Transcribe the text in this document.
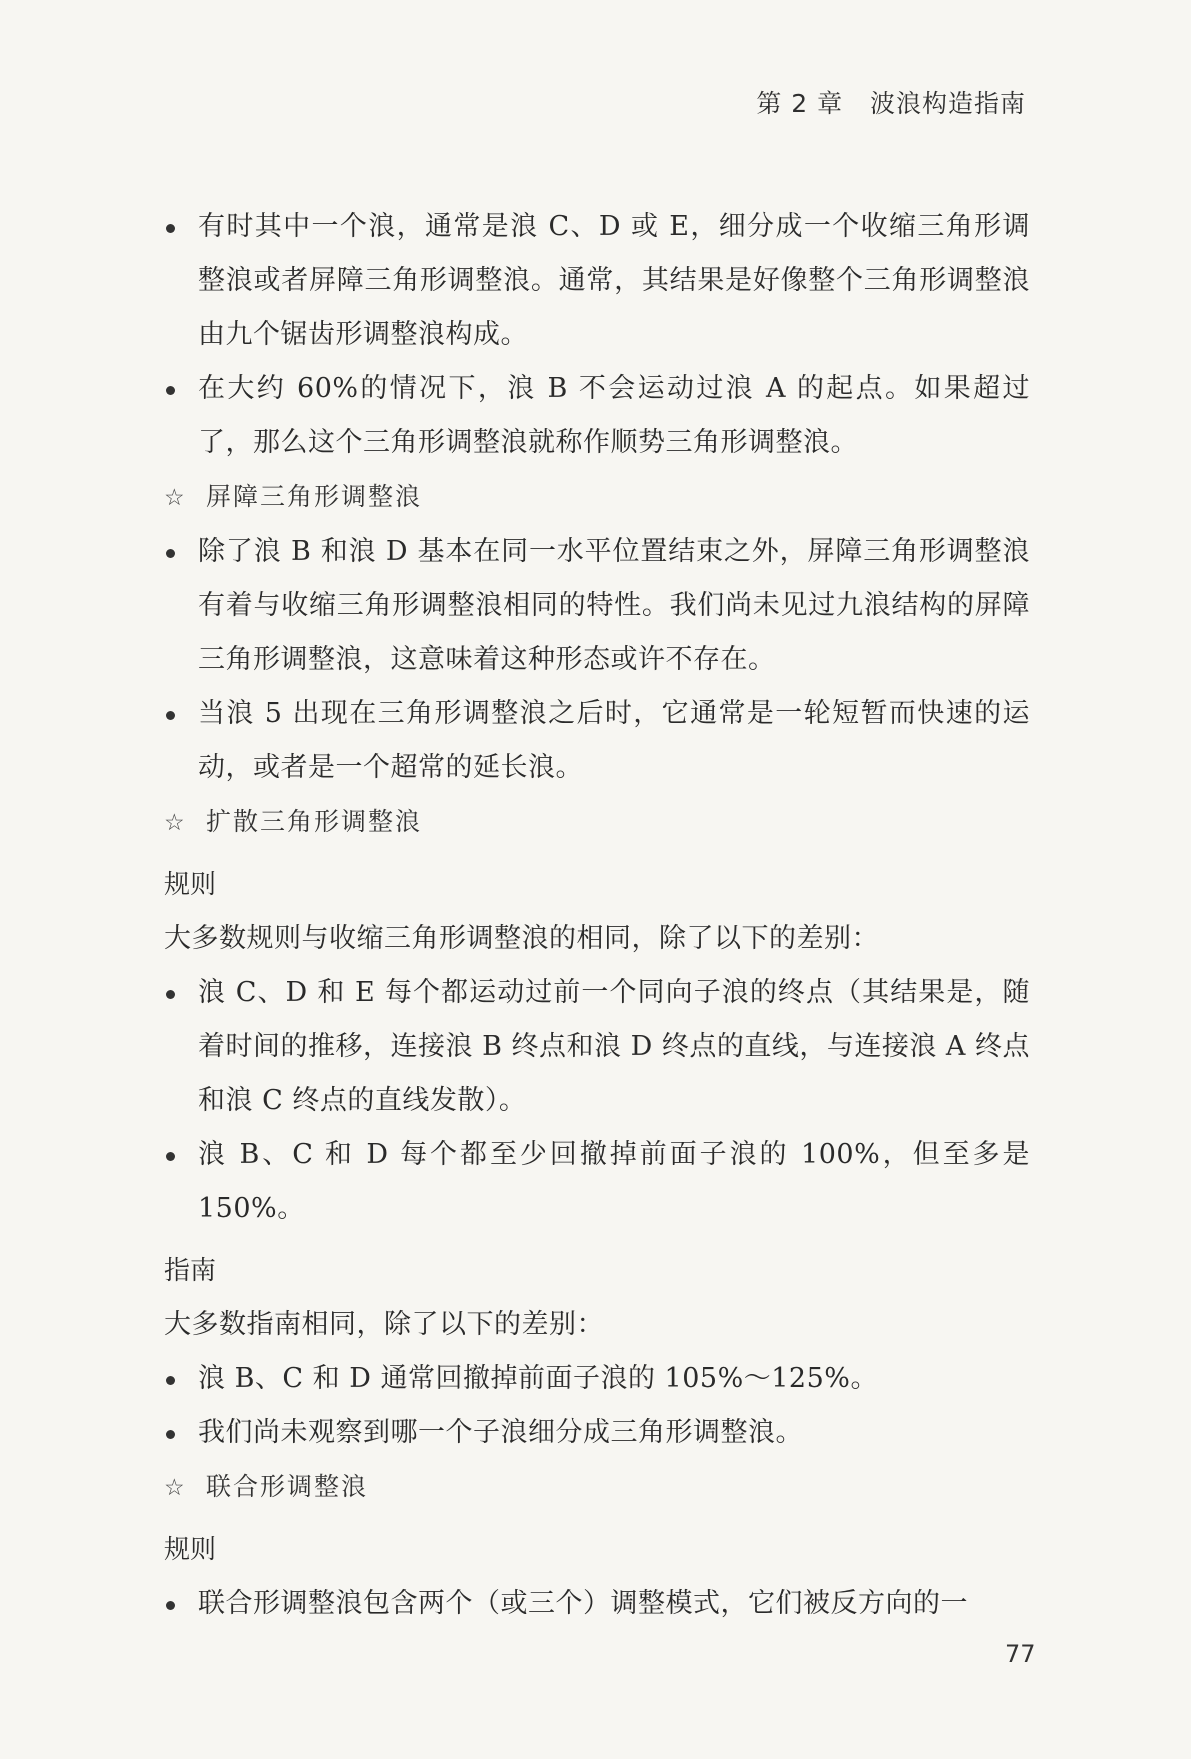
第 2 章   波浪构造指南
有时其中一个浪，通常是浪 C、D 或 E，细分成一个收缩三角形调整浪或者屏障三角形调整浪。通常，其结果是好像整个三角形调整浪由九个锯齿形调整浪构成。
在大约 60%的情况下，浪 B 不会运动过浪 A 的起点。如果超过了，那么这个三角形调整浪就称作顺势三角形调整浪。
☆ 屏障三角形调整浪
除了浪 B 和浪 D 基本在同一水平位置结束之外，屏障三角形调整浪有着与收缩三角形调整浪相同的特性。我们尚未见过九浪结构的屏障三角形调整浪，这意味着这种形态或许不存在。
当浪 5 出现在三角形调整浪之后时，它通常是一轮短暂而快速的运动，或者是一个超常的延长浪。
☆ 扩散三角形调整浪
规则
大多数规则与收缩三角形调整浪的相同，除了以下的差别：
浪 C、D 和 E 每个都运动过前一个同向子浪的终点（其结果是，随着时间的推移，连接浪 B 终点和浪 D 终点的直线，与连接浪 A 终点和浪 C 终点的直线发散）。
浪 B、C 和 D 每个都至少回撤掉前面子浪的 100%，但至多是 150%。
指南
大多数指南相同，除了以下的差别：
浪 B、C 和 D 通常回撤掉前面子浪的 105%～125%。
我们尚未观察到哪一个子浪细分成三角形调整浪。
☆ 联合形调整浪
规则
联合形调整浪包含两个（或三个）调整模式，它们被反方向的一
77
